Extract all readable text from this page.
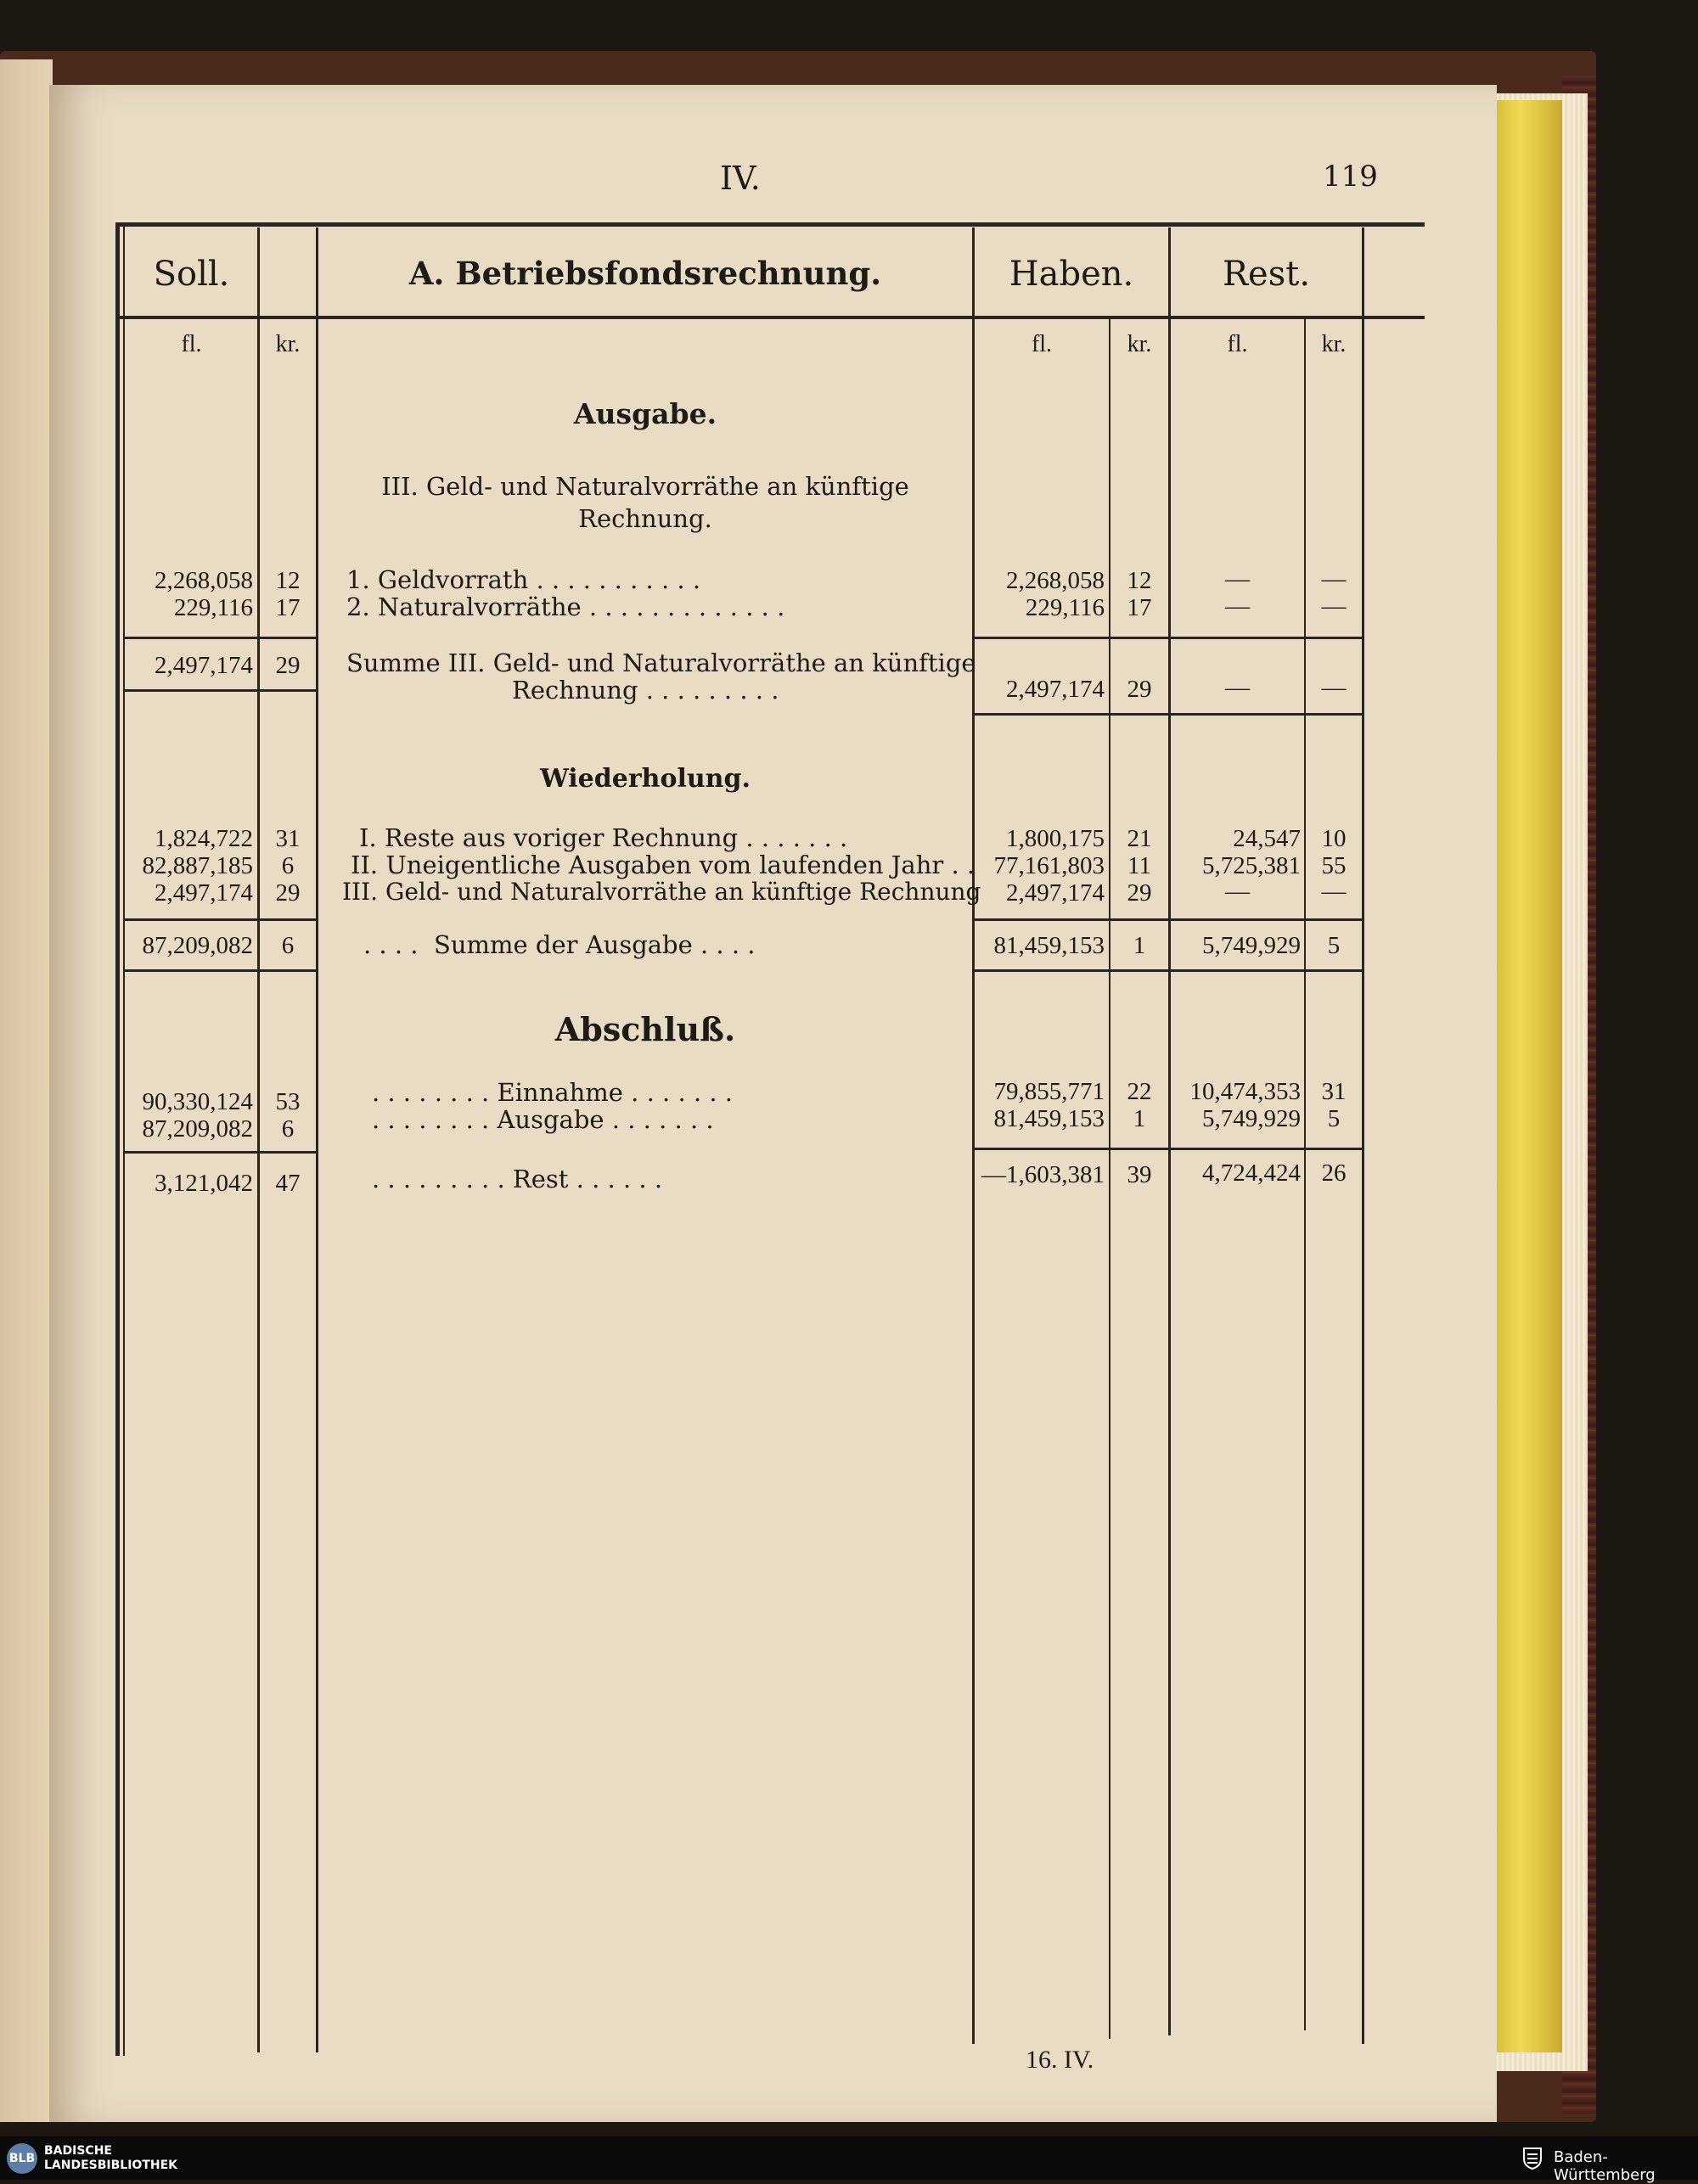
IV.	119
Soll.	A. Betriebsfondsrechnung.	Haben.	Rest.
fl.	kr.	fl.	kr.	fl.	kr.
Ausgabe.
III. Geld- und Naturalvorräthe an künftige
Rechnung.
2,268,058 12	1. Geldvorrath . . . . . . . . . . .	2,268,058 12	—	—
229,116 17	2. Naturalvorräthe . . . . . . . . . . . . .	229,116 17	—	—
2,497,174 29	Summe III. Geld- und Naturalvorräthe an künftige
Rechnung . . . . . . . . .	2,497,174 29	—	—
Wiederholung.
1,824,722 31	I. Reste aus voriger Rechnung . . . . . . .	1,800,175 21	24,547 10
82,887,185	6	II. Uneigentliche Ausgaben vom laufenden Jahr . . 77,161,803 11	5,725,381 55
2,497,174 29	III. Geld- und Naturalvorräthe an künftige Rechnung	2,497,174 29	—	—
87,209,082	6	. . . .  Summe der Ausgabe . . . .	81,459,153	1	5,749,929	5
Abschluß.
90,330,124 53	. . . . . . . . Einnahme . . . . . . .	79,855,771 22	10,474,353 31
87,209,082	6	. . . . . . . . Ausgabe . . . . . . .	81,459,153	1	5,749,929	5
3,121,042 47	. . . . . . . . . Rest . . . . . .	—1,603,381 39	4,724,424 26
16. IV.
BLB
BADISCHE
LANDESBIBLIOTHEK	Baden-Württemberg
